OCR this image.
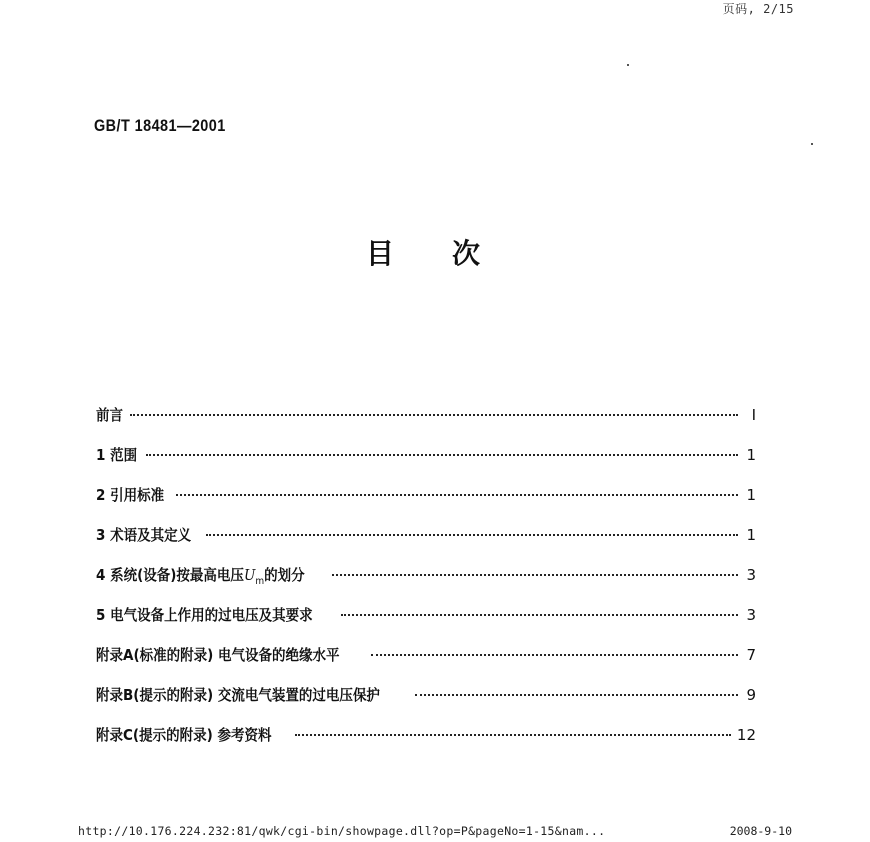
页码, 2/15
GB/T 18481—2001
目 次
前言	Ⅰ
1 范围	1
2 引用标准	1
3 术语及其定义	1
4 系统(设备)按最高电压$U_m$的划分	3
5 电气设备上作用的过电压及其要求	3
附录A(标准的附录) 电气设备的绝缘水平	7
附录B(提示的附录) 交流电气装置的过电压保护	9
附录C(提示的附录) 参考资料	12
http://10.176.224.232:81/qwk/cgi-bin/showpage.dll?op=P&pageNo=1-15&nam...	2008-9-10
